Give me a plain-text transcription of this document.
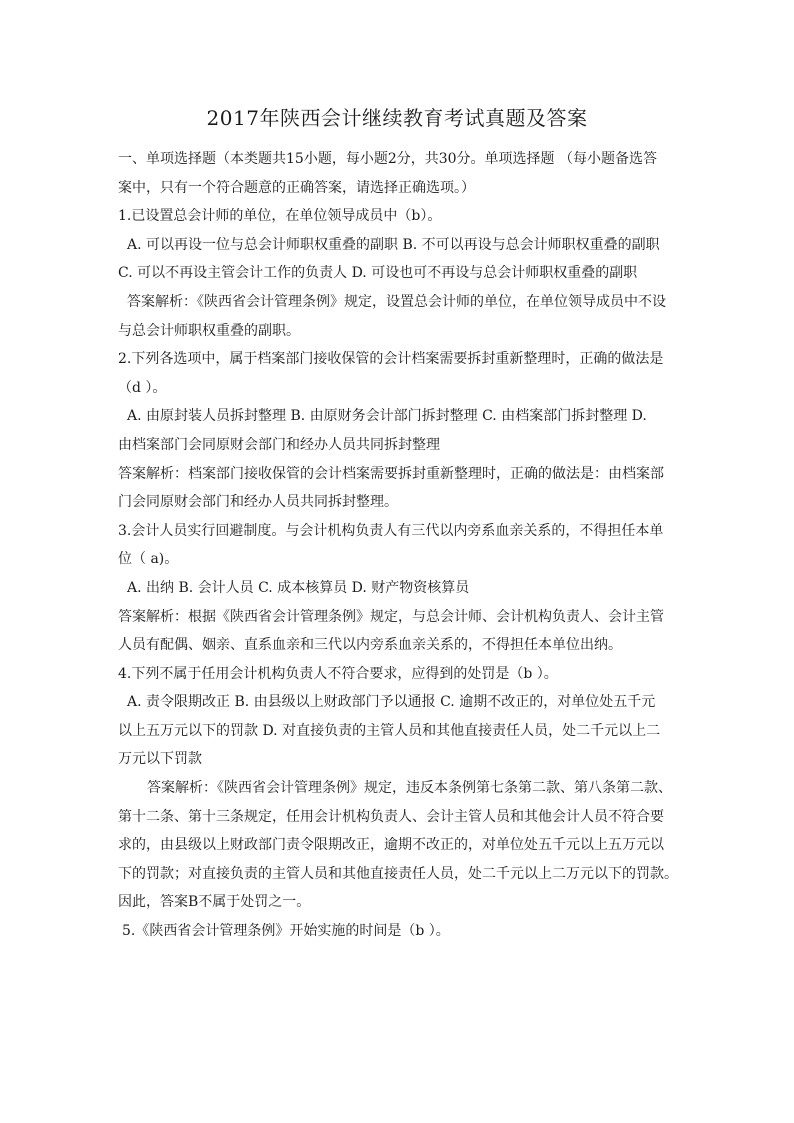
2017年陕西会计继续教育考试真题及答案

一、单项选择题（本类题共15小题，每小题2分，共30分。单项选择题 （每小题备选答

案中，只有一个符合题意的正确答案，请选择正确选项。）

1.已设置总会计师的单位，在单位领导成员中（b）。

A. 可以再设一位与总会计师职权重叠的副职 B. 不可以再设与总会计师职权重叠的副职

C. 可以不再设主管会计工作的负责人 D. 可设也可不再设与总会计师职权重叠的副职

答案解析：《陕西省会计管理条例》规定，设置总会计师的单位，在单位领导成员中不设

与总会计师职权重叠的副职。

2.下列各选项中，属于档案部门接收保管的会计档案需要拆封重新整理时，正确的做法是

（d ）。

A. 由原封装人员拆封整理 B. 由原财务会计部门拆封整理 C. 由档案部门拆封整理 D.

由档案部门会同原财会部门和经办人员共同拆封整理

答案解析：档案部门接收保管的会计档案需要拆封重新整理时，正确的做法是：由档案部

门会同原财会部门和经办人员共同拆封整理。

3.会计人员实行回避制度。与会计机构负责人有三代以内旁系血亲关系的，不得担任本单

位（ a)。

A. 出纳 B. 会计人员 C. 成本核算员 D. 财产物资核算员

答案解析：根据《陕西省会计管理条例》规定，与总会计师、会计机构负责人、会计主管

人员有配偶、姻亲、直系血亲和三代以内旁系血亲关系的，不得担任本单位出纳。

4.下列不属于任用会计机构负责人不符合要求，应得到的处罚是（b ）。

A. 责令限期改正 B. 由县级以上财政部门予以通报 C. 逾期不改正的，对单位处五千元

以上五万元以下的罚款 D. 对直接负责的主管人员和其他直接责任人员，处二千元以上二

万元以下罚款

答案解析：《陕西省会计管理条例》规定，违反本条例第七条第二款、第八条第二款、

第十二条、第十三条规定，任用会计机构负责人、会计主管人员和其他会计人员不符合要

求的，由县级以上财政部门责令限期改正，逾期不改正的，对单位处五千元以上五万元以

下的罚款；对直接负责的主管人员和其他直接责任人员，处二千元以上二万元以下的罚款。

因此，答案B不属于处罚之一。

5.《陕西省会计管理条例》开始实施的时间是（b ）。
